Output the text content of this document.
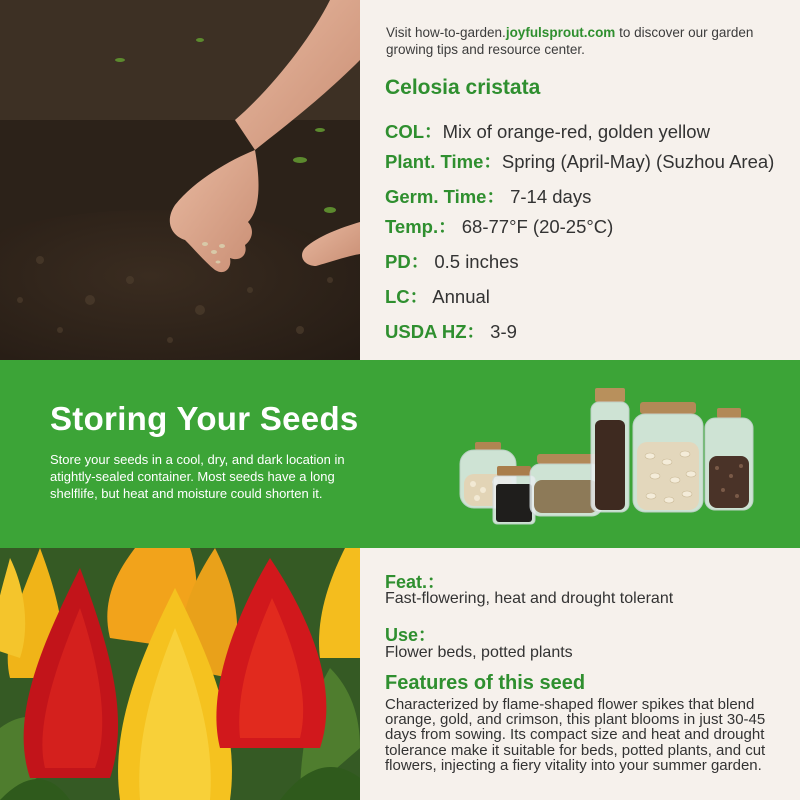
Visit how-to-garden.joyfulsprout.com to discover our garden growing tips and resource center.
Celosia cristata
COL：Mix of orange-red, golden yellow
Plant. Time：Spring (April-May) (Suzhou Area)
Germ. Time： 7-14 days
Temp.： 68-77°F (20-25°C)
PD： 0.5 inches
LC： Annual
USDA HZ： 3-9
Storing Your Seeds
Store your seeds in a cool, dry, and dark location in atightly-sealed container. Most seeds have a long shelflife, but heat and moisture could shorten it.
Feat.：
Fast-flowering, heat and drought tolerant
Use：
Flower beds, potted plants
Features of this seed
Characterized by flame-shaped flower spikes that blend orange, gold, and crimson, this plant blooms in just 30-45 days from sowing. Its compact size and heat and drought tolerance make it suitable for beds, potted plants, and cut flowers, injecting a fiery vitality into your summer garden.
